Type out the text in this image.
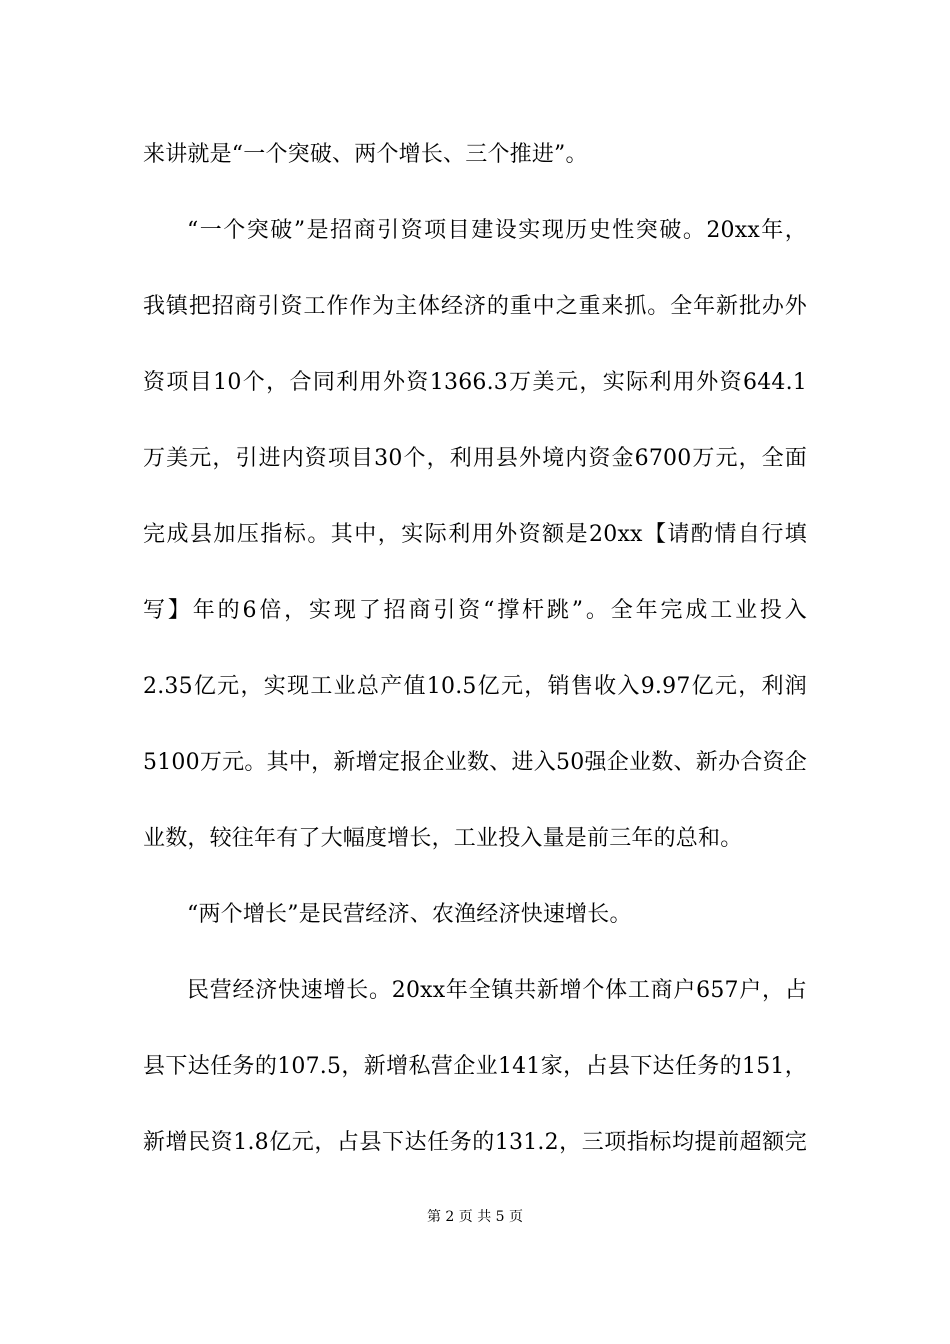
来讲就是“一个突破、两个增长、三个推进”。
“一个突破”是招商引资项目建设实现历史性突破。20xx年，
我镇把招商引资工作作为主体经济的重中之重来抓。全年新批办外
资项目10个，合同利用外资1366.3万美元，实际利用外资644.1
万美元，引进内资项目30个，利用县外境内资金6700万元，全面
完成县加压指标。其中，实际利用外资额是20xx【请酌情自行填
写】年的6倍，实现了招商引资“撑杆跳”。全年完成工业投入
2.35亿元，实现工业总产值10.5亿元，销售收入9.97亿元，利润
5100万元。其中，新增定报企业数、进入50强企业数、新办合资企
业数，较往年有了大幅度增长，工业投入量是前三年的总和。
“两个增长”是民营经济、农渔经济快速增长。
民营经济快速增长。20xx年全镇共新增个体工商户657户，占
县下达任务的107.5，新增私营企业141家，占县下达任务的151，
新增民资1.8亿元，占县下达任务的131.2，三项指标均提前超额完
第 2 页 共 5 页
